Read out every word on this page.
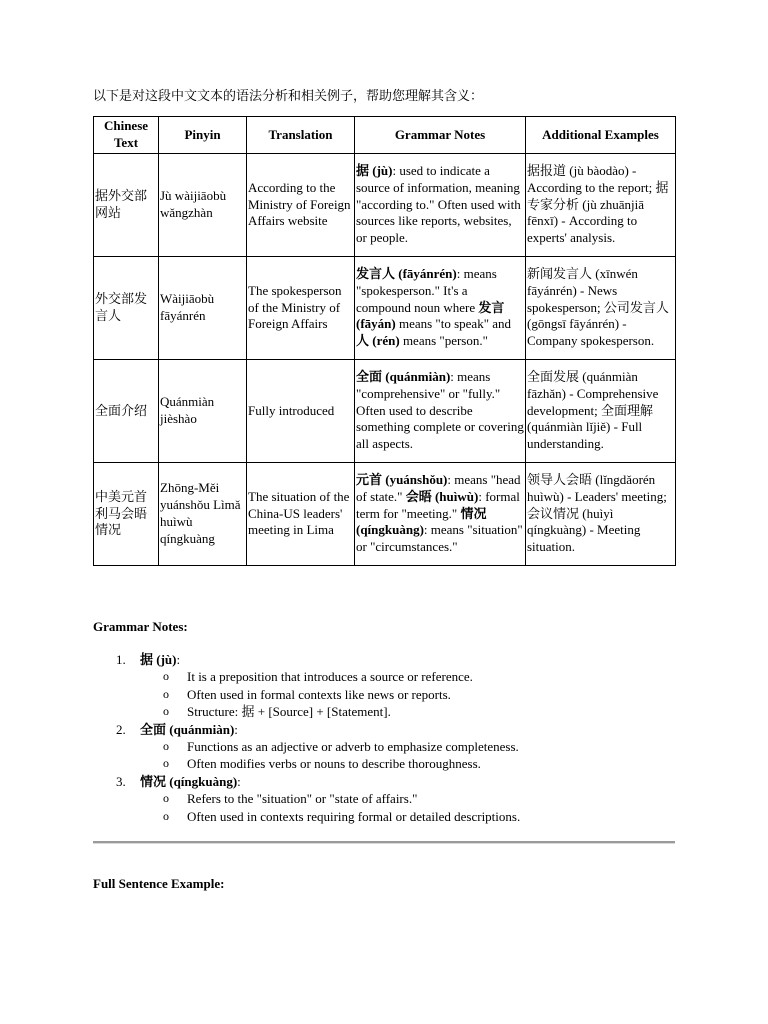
以下是对这段中文文本的语法分析和相关例子，帮助您理解其含义：
Chinese Text	Pinyin	Translation	Grammar Notes	Additional Examples
据外交部网站	Jù wàijiāobù wǎngzhàn	According to the Ministry of Foreign Affairs website	据 (jù): used to indicate a source of information, meaning "according to." Often used with sources like reports, websites, or people.	据报道 (jù bàodào) - According to the report; 据专家分析 (jù zhuānjiā fēnxī) - According to experts' analysis.
外交部发言人	Wàijiāobù fāyánrén	The spokesperson of the Ministry of Foreign Affairs	发言人 (fāyánrén): means "spokesperson." It's a compound noun where 发言 (fāyán) means "to speak" and 人 (rén) means "person."	新闻发言人 (xīnwén fāyánrén) - News spokesperson; 公司发言人 (gōngsī fāyánrén) - Company spokesperson.
全面介绍	Quánmiàn jièshào	Fully introduced	全面 (quánmiàn): means "comprehensive" or "fully." Often used to describe something complete or covering all aspects.	全面发展 (quánmiàn fāzhǎn) - Comprehensive development; 全面理解 (quánmiàn lǐjiě) - Full understanding.
中美元首利马会晤情况	Zhōng-Měi yuánshǒu Lìmǎ huìwù qíngkuàng	The situation of the China-US leaders' meeting in Lima	元首 (yuánshǒu): means "head of state." 会晤 (huìwù): formal term for "meeting." 情况 (qíngkuàng): means "situation" or "circumstances."	领导人会晤 (lǐngdǎorén huìwù) - Leaders' meeting; 会议情况 (huìyì qíngkuàng) - Meeting situation.
Grammar Notes:
1. 据 (jù):
o It is a preposition that introduces a source or reference.
o Often used in formal contexts like news or reports.
o Structure: 据 + [Source] + [Statement].
2. 全面 (quánmiàn):
o Functions as an adjective or adverb to emphasize completeness.
o Often modifies verbs or nouns to describe thoroughness.
3. 情况 (qíngkuàng):
o Refers to the "situation" or "state of affairs."
o Often used in contexts requiring formal or detailed descriptions.
Full Sentence Example:
